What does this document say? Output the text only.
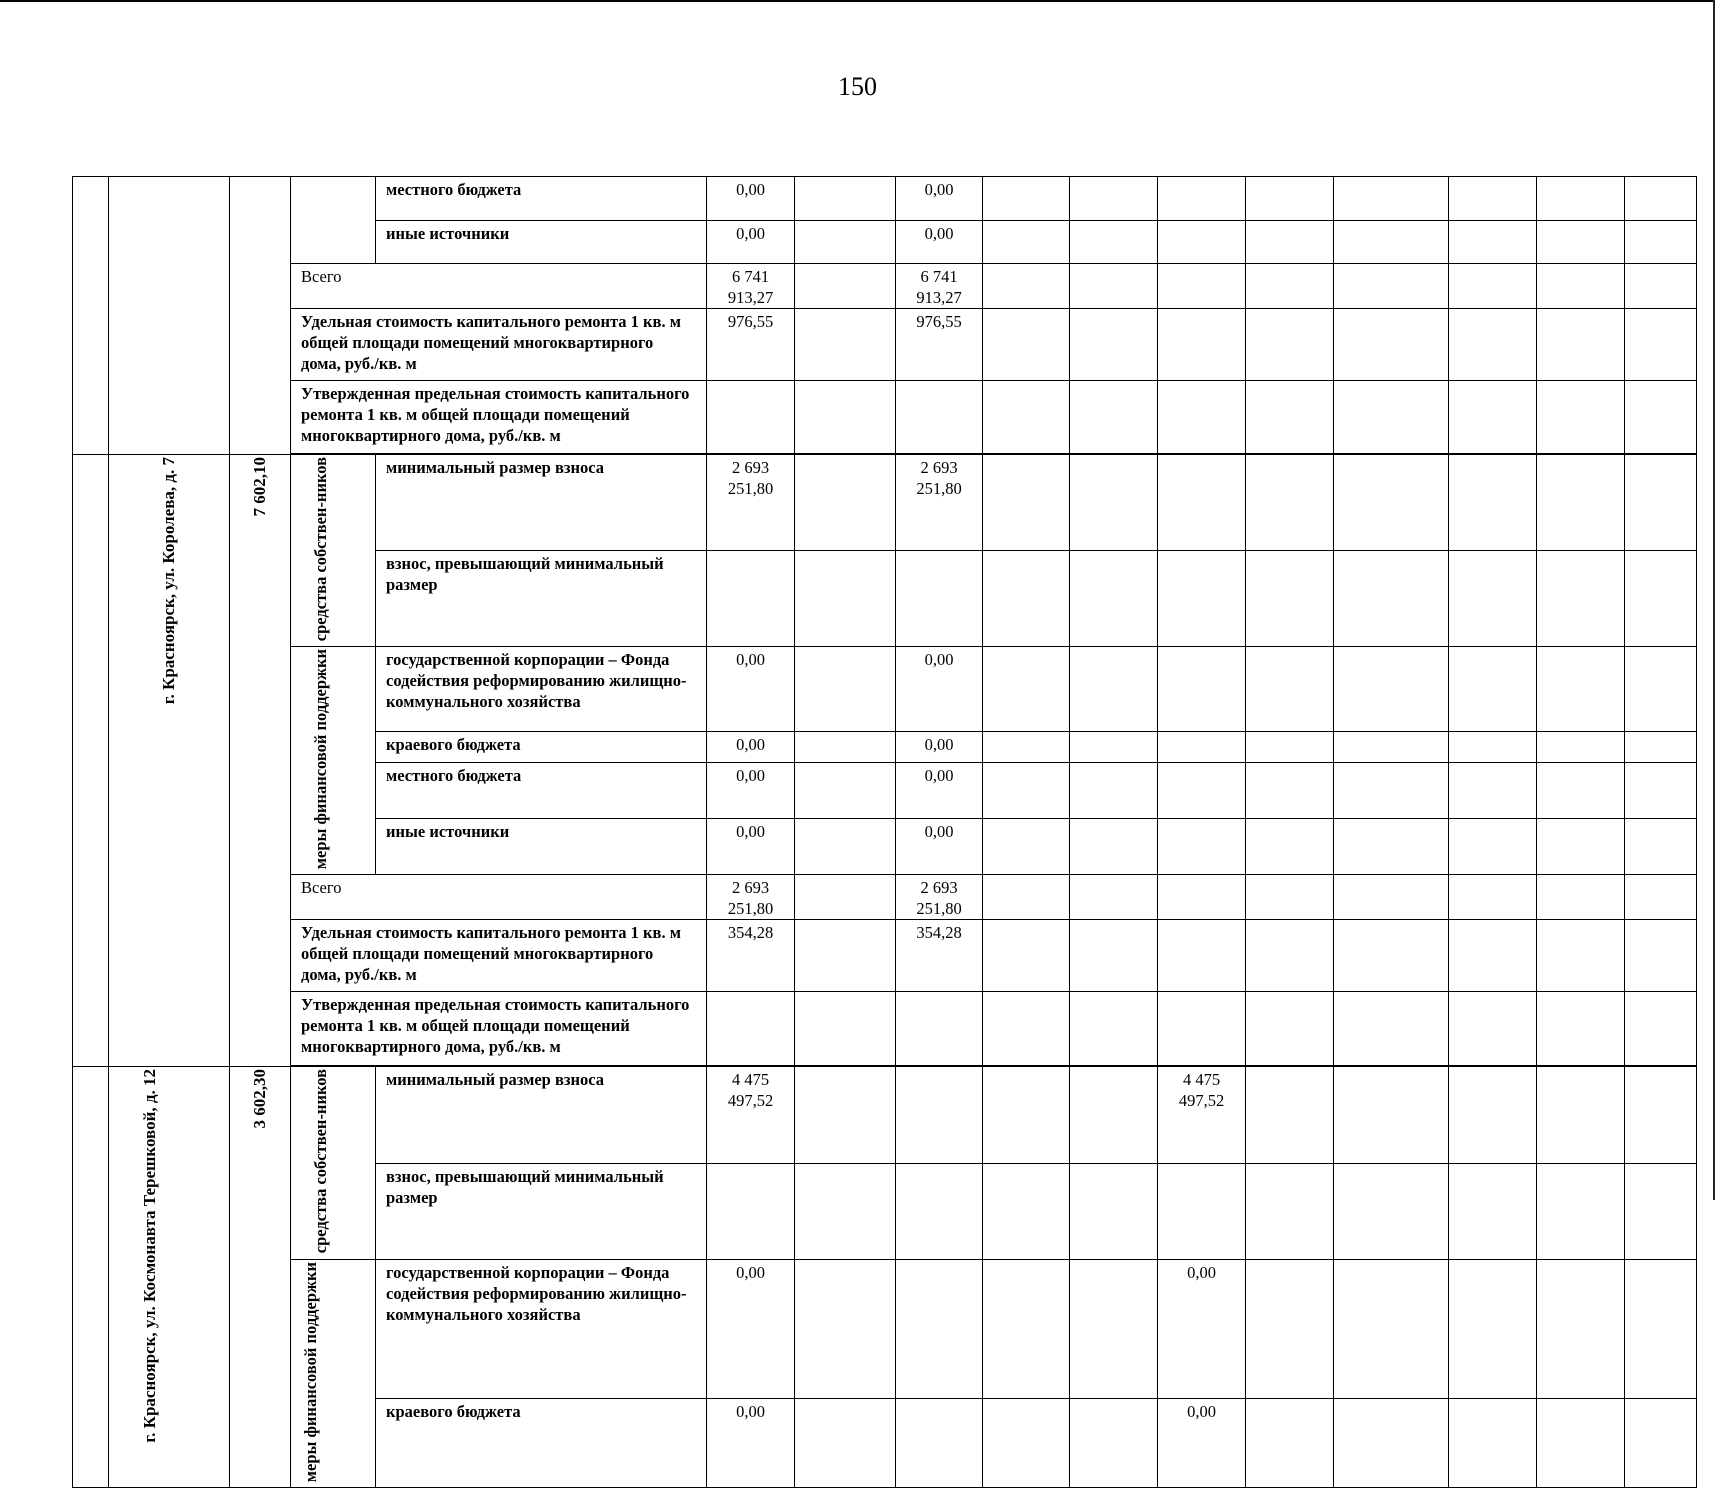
150
				местного бюджета	0,00		0,00								
				иные источники	0,00		0,00								
			Всего		6 741 913,27		6 741 913,27								
			Удельная стоимость капитального ремонта 1 кв. м общей площади помещений многоквартирного дома, руб./кв. м		976,55		976,55								
			Утвержденная предельная стоимость капитального ремонта 1 кв. м общей площади помещений многоквартирного дома, руб./кв. м												

	г. Красноярск, ул. Королева, д. 7	7 602,10	средства собствен-ников	минимальный размер взноса	2 693 251,80		2 693 251,80								
				взнос, превышающий минимальный размер											
			меры финансовой поддержки	государственной корпорации – Фонда содействия реформированию жилищно-коммунального хозяйства	0,00		0,00								
				краевого бюджета	0,00		0,00								
				местного бюджета	0,00		0,00								
				иные источники	0,00		0,00								
			Всего		2 693 251,80		2 693 251,80								
			Удельная стоимость капитального ремонта 1 кв. м общей площади помещений многоквартирного дома, руб./кв. м		354,28		354,28								
			Утвержденная предельная стоимость капитального ремонта 1 кв. м общей площади помещений многоквартирного дома, руб./кв. м												

	г. Красноярск, ул. Космонавта Терешковой, д. 12	3 602,30	средства собствен-ников	минимальный размер взноса	4 475 497,52					4 475 497,52					
				взнос, превышающий минимальный размер											
			меры финансовой поддержки	государственной корпорации – Фонда содействия реформированию жилищно-коммунального хозяйства	0,00					0,00					
				краевого бюджета	0,00					0,00					
